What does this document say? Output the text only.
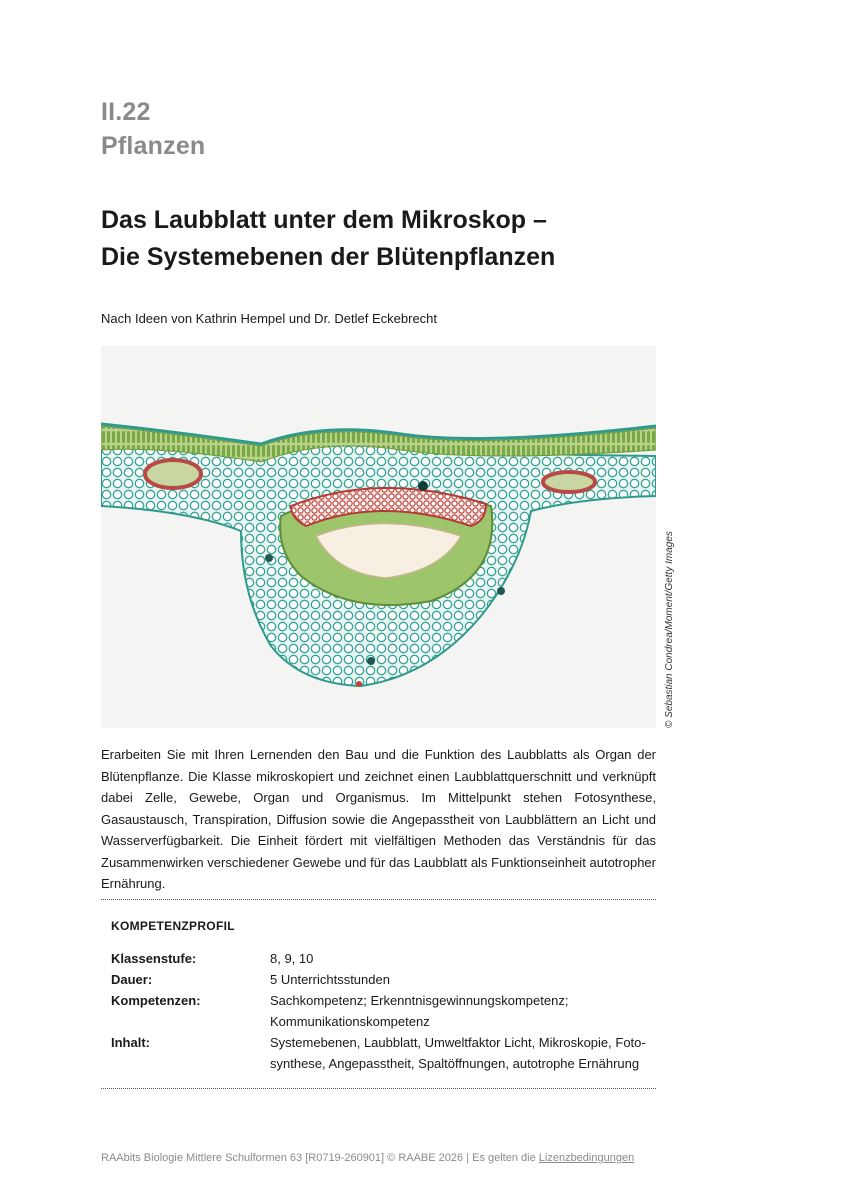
II.22
Pflanzen
Das Laubblatt unter dem Mikroskop –
Die Systemebenen der Blütenpflanzen
Nach Ideen von Kathrin Hempel und Dr. Detlef Eckebrecht
© Sebastian Condrea/Moment/Getty Images

Erarbeiten Sie mit Ihren Lernenden den Bau und die Funktion des Laubblatts als Organ der Blütenpflanze. Die Klasse mikroskopiert und zeichnet einen Laubblattquerschnitt und verknüpft dabei Zelle, Gewebe, Organ und Organismus. Im Mittelpunkt stehen Fotosynthese, Gasaustausch, Transpiration, Diffusion sowie die Angepasstheit von Laubblättern an Licht und Wasserverfügbarkeit. Die Einheit fördert mit vielfältigen Methoden das Verständnis für das Zusammenwirken verschiedener Gewebe und für das Laubblatt als Funktionseinheit autotropher Ernährung.

KOMPETENZPROFIL
Klassenstufe:	8, 9, 10
Dauer:	5 Unterrichtsstunden
Kompetenzen:	Sachkompetenz; Erkenntnisgewinnungskompetenz;
Kommunikationskompetenz
Inhalt:	Systemebenen, Laubblatt, Umweltfaktor Licht, Mikroskopie, Foto-
synthese, Angepasstheit, Spaltöffnungen, autotrophe Ernährung
RAAbits Biologie Mittlere Schulformen 63 [R0719-260901] © RAABE 2026 | Es gelten die Lizenzbedingungen
